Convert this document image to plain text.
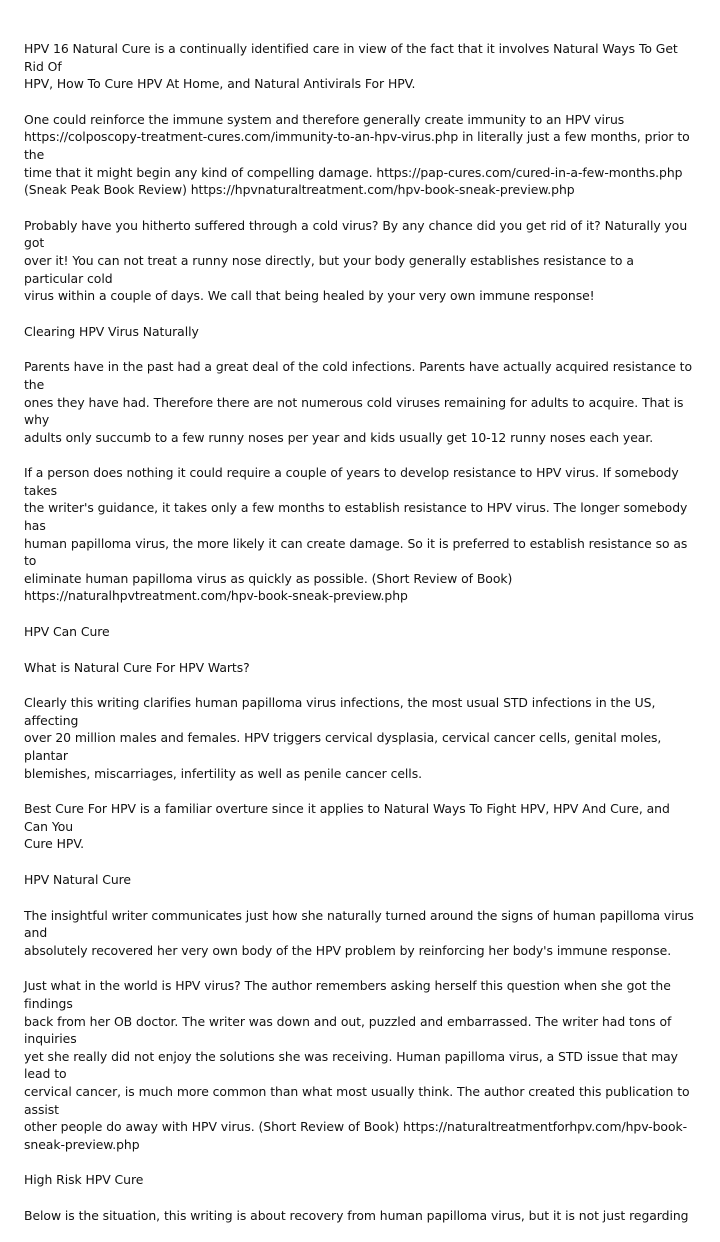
HPV 16 Natural Cure is a continually identified care in view of the fact that it involves Natural Ways To Get Rid Of
HPV, How To Cure HPV At Home, and Natural Antivirals For HPV.

One could reinforce the immune system and therefore generally create immunity to an HPV virus
https://colposcopy-treatment-cures.com/immunity-to-an-hpv-virus.php in literally just a few months, prior to the
time that it might begin any kind of compelling damage. https://pap-cures.com/cured-in-a-few-months.php
(Sneak Peak Book Review) https://hpvnaturaltreatment.com/hpv-book-sneak-preview.php

Probably have you hitherto suffered through a cold virus? By any chance did you get rid of it? Naturally you got
over it! You can not treat a runny nose directly, but your body generally establishes resistance to a particular cold
virus within a couple of days. We call that being healed by your very own immune response!

Clearing HPV Virus Naturally

Parents have in the past had a great deal of the cold infections. Parents have actually acquired resistance to the
ones they have had. Therefore there are not numerous cold viruses remaining for adults to acquire. That is why
adults only succumb to a few runny noses per year and kids usually get 10-12 runny noses each year.

If a person does nothing it could require a couple of years to develop resistance to HPV virus. If somebody takes
the writer's guidance, it takes only a few months to establish resistance to HPV virus. The longer somebody has
human papilloma virus, the more likely it can create damage. So it is preferred to establish resistance so as to
eliminate human papilloma virus as quickly as possible. (Short Review of Book)
https://naturalhpvtreatment.com/hpv-book-sneak-preview.php

HPV Can Cure

What is Natural Cure For HPV Warts?

Clearly this writing clarifies human papilloma virus infections, the most usual STD infections in the US, affecting
over 20 million males and females. HPV triggers cervical dysplasia, cervical cancer cells, genital moles, plantar
blemishes, miscarriages, infertility as well as penile cancer cells.

Best Cure For HPV is a familiar overture since it applies to Natural Ways To Fight HPV, HPV And Cure, and Can You
Cure HPV.

HPV Natural Cure

The insightful writer communicates just how she naturally turned around the signs of human papilloma virus and
absolutely recovered her very own body of the HPV problem by reinforcing her body's immune response.

Just what in the world is HPV virus? The author remembers asking herself this question when she got the findings
back from her OB doctor. The writer was down and out, puzzled and embarrassed. The writer had tons of inquiries
yet she really did not enjoy the solutions she was receiving. Human papilloma virus, a STD issue that may lead to
cervical cancer, is much more common than what most usually think. The author created this publication to assist
other people do away with HPV virus. (Short Review of Book) https://naturaltreatmentforhpv.com/hpv-book-
sneak-preview.php

High Risk HPV Cure

Below is the situation, this writing is about recovery from human papilloma virus, but it is not just regarding
